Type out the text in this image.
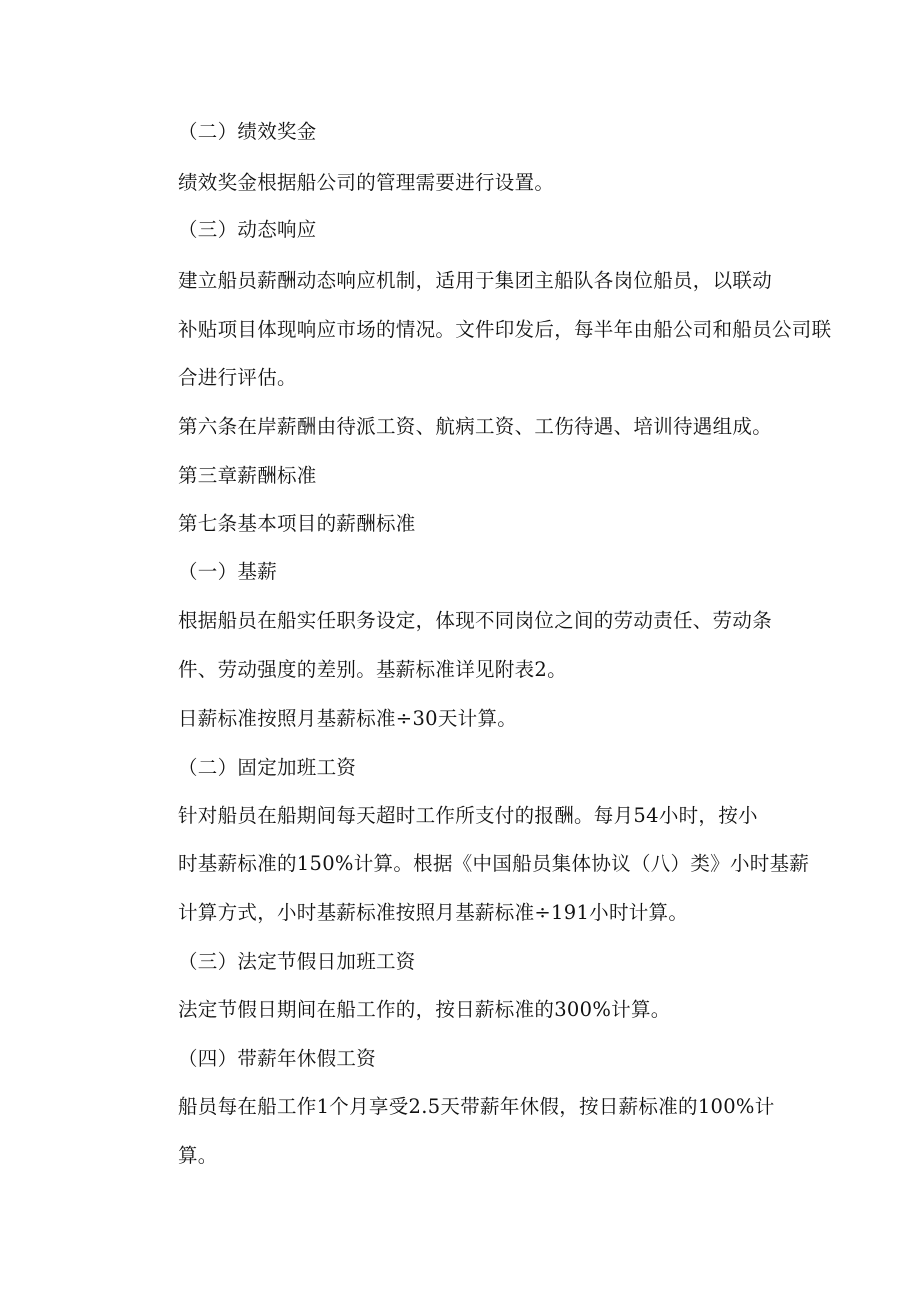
（二）绩效奖金
绩效奖金根据船公司的管理需要进行设置。
（三）动态响应
建立船员薪酬动态响应机制，适用于集团主船队各岗位船员，以联动
补贴项目体现响应市场的情况。文件印发后，每半年由船公司和船员公司联
合进行评估。
第六条在岸薪酬由待派工资、航病工资、工伤待遇、培训待遇组成。
第三章薪酬标准
第七条基本项目的薪酬标准
（一）基薪
根据船员在船实任职务设定，体现不同岗位之间的劳动责任、劳动条
件、劳动强度的差别。基薪标准详见附表2。
日薪标准按照月基薪标准÷30天计算。
（二）固定加班工资
针对船员在船期间每天超时工作所支付的报酬。每月54小时，按小
时基薪标准的150%计算。根据《中国船员集体协议（八）类》小时基薪
计算方式，小时基薪标准按照月基薪标准÷191小时计算。
（三）法定节假日加班工资
法定节假日期间在船工作的，按日薪标准的300%计算。
（四）带薪年休假工资
船员每在船工作1个月享受2.5天带薪年休假，按日薪标准的100%计
算。
